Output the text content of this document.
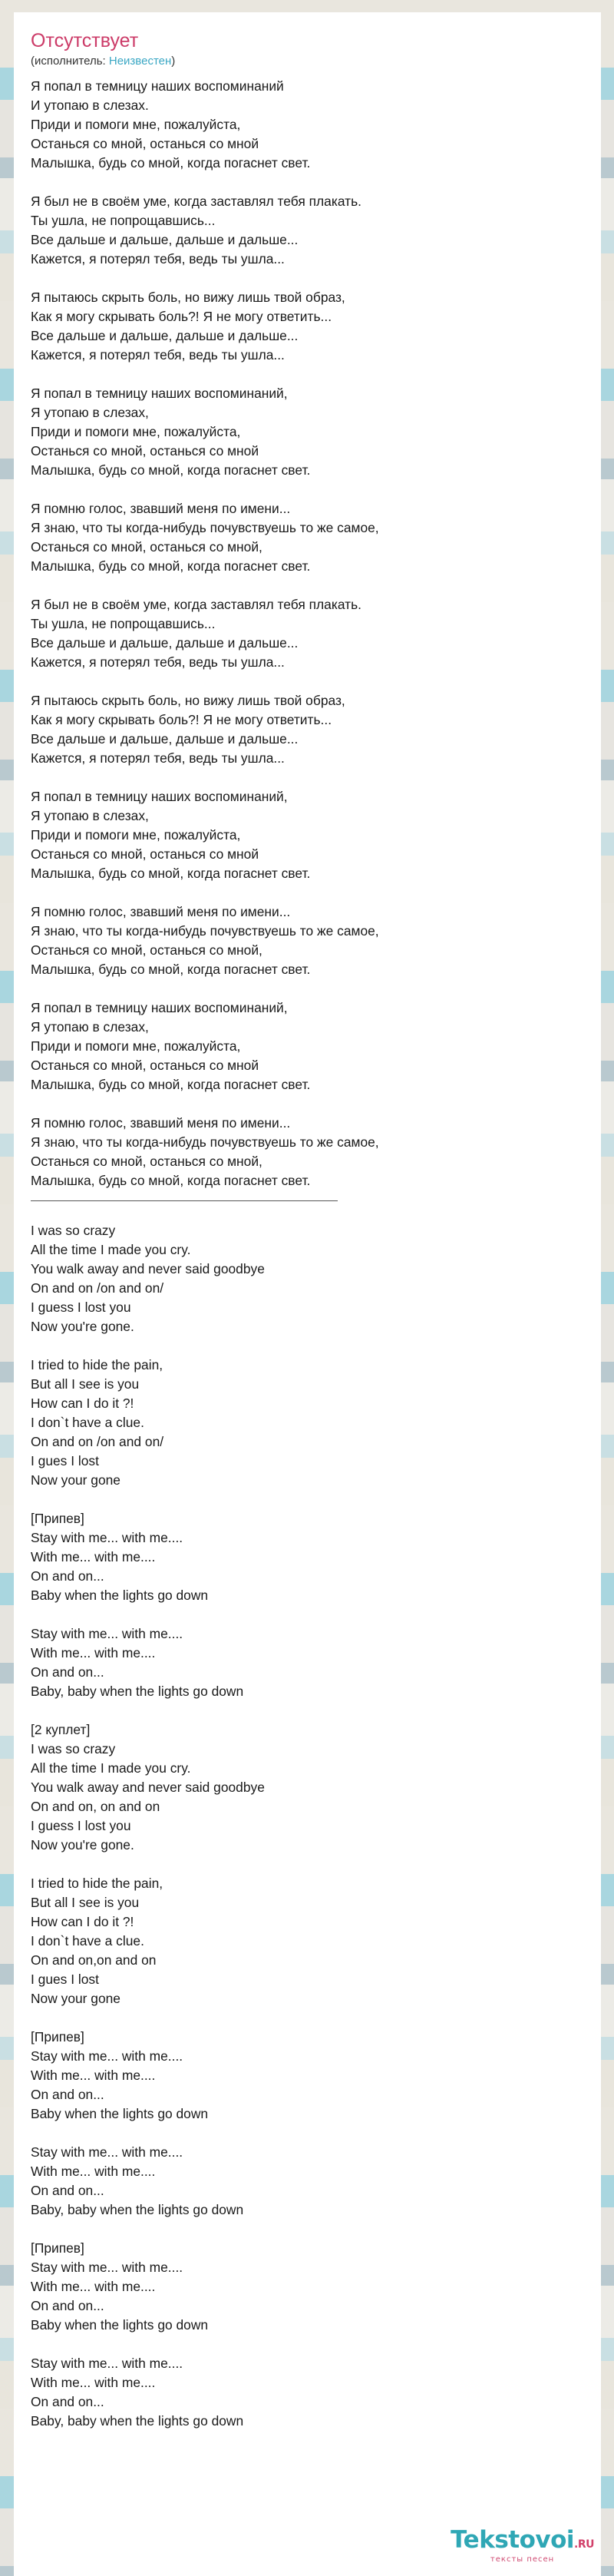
Отсутствует
(исполнитель: Неизвестен)
Я попал в темницу наших воспоминаний
И утопаю в слезах.
Приди и помоги мне, пожалуйста,
Останься со мной, останься со мной
Малышка, будь со мной, когда погаснет свет.

Я был не в своём уме, когда заставлял тебя плакать.
Ты ушла, не попрощавшись...
Все дальше и дальше, дальше и дальше...
Кажется, я потерял тебя, ведь ты ушла...

Я пытаюсь скрыть боль, но вижу лишь твой образ,
Как я могу скрывать боль?! Я не могу ответить...
Все дальше и дальше, дальше и дальше...
Кажется, я потерял тебя, ведь ты ушла...

Я попал в темницу наших воспоминаний,
Я утопаю в слезах,
Приди и помоги мне, пожалуйста,
Останься со мной, останься со мной
Малышка, будь со мной, когда погаснет свет.

Я помню голос, звавший меня по имени...
Я знаю, что ты когда-нибудь почувствуешь то же самое,
Останься со мной, останься со мной,
Малышка, будь со мной, когда погаснет свет.

Я был не в своём уме, когда заставлял тебя плакать.
Ты ушла, не попрощавшись...
Все дальше и дальше, дальше и дальше...
Кажется, я потерял тебя, ведь ты ушла...

Я пытаюсь скрыть боль, но вижу лишь твой образ,
Как я могу скрывать боль?! Я не могу ответить...
Все дальше и дальше, дальше и дальше...
Кажется, я потерял тебя, ведь ты ушла...

Я попал в темницу наших воспоминаний,
Я утопаю в слезах,
Приди и помоги мне, пожалуйста,
Останься со мной, останься со мной
Малышка, будь со мной, когда погаснет свет.

Я помню голос, звавший меня по имени...
Я знаю, что ты когда-нибудь почувствуешь то же самое,
Останься со мной, останься со мной,
Малышка, будь со мной, когда погаснет свет.

Я попал в темницу наших воспоминаний,
Я утопаю в слезах,
Приди и помоги мне, пожалуйста,
Останься со мной, останься со мной
Малышка, будь со мной, когда погаснет свет.

Я помню голос, звавший меня по имени...
Я знаю, что ты когда-нибудь почувствуешь то же самое,
Останься со мной, останься со мной,
Малышка, будь со мной, когда погаснет свет.
I was so crazy
All the time I made you cry.
You walk away and never said goodbye
On and on /on and on/
I guess I lost you
Now you're gone.

I tried to hide the pain,
But all I see is you
How can I do it ?!
I don`t have a clue.
On and on /on and on/
I gues I lost
Now your gone

[Припев]
Stay with me... with me....
With me... with me....
On and on...
Baby when the lights go down

Stay with me... with me....
With me... with me....
On and on...
Baby, baby when the lights go down

[2 куплет]
I was so crazy
All the time I made you cry.
You walk away and never said goodbye
On and on, on and on
I guess I lost you
Now you're gone.

I tried to hide the pain,
But all I see is you
How can I do it ?!
I don`t have a clue.
On and on,on and on
I gues I lost
Now your gone

[Припев]
Stay with me... with me....
With me... with me....
On and on...
Baby when the lights go down

Stay with me... with me....
With me... with me....
On and on...
Baby, baby when the lights go down

[Припев]
Stay with me... with me....
With me... with me....
On and on...
Baby when the lights go down

Stay with me... with me....
With me... with me....
On and on...
Baby, baby when the lights go down
Tekstovoi.RU
тексты песен
